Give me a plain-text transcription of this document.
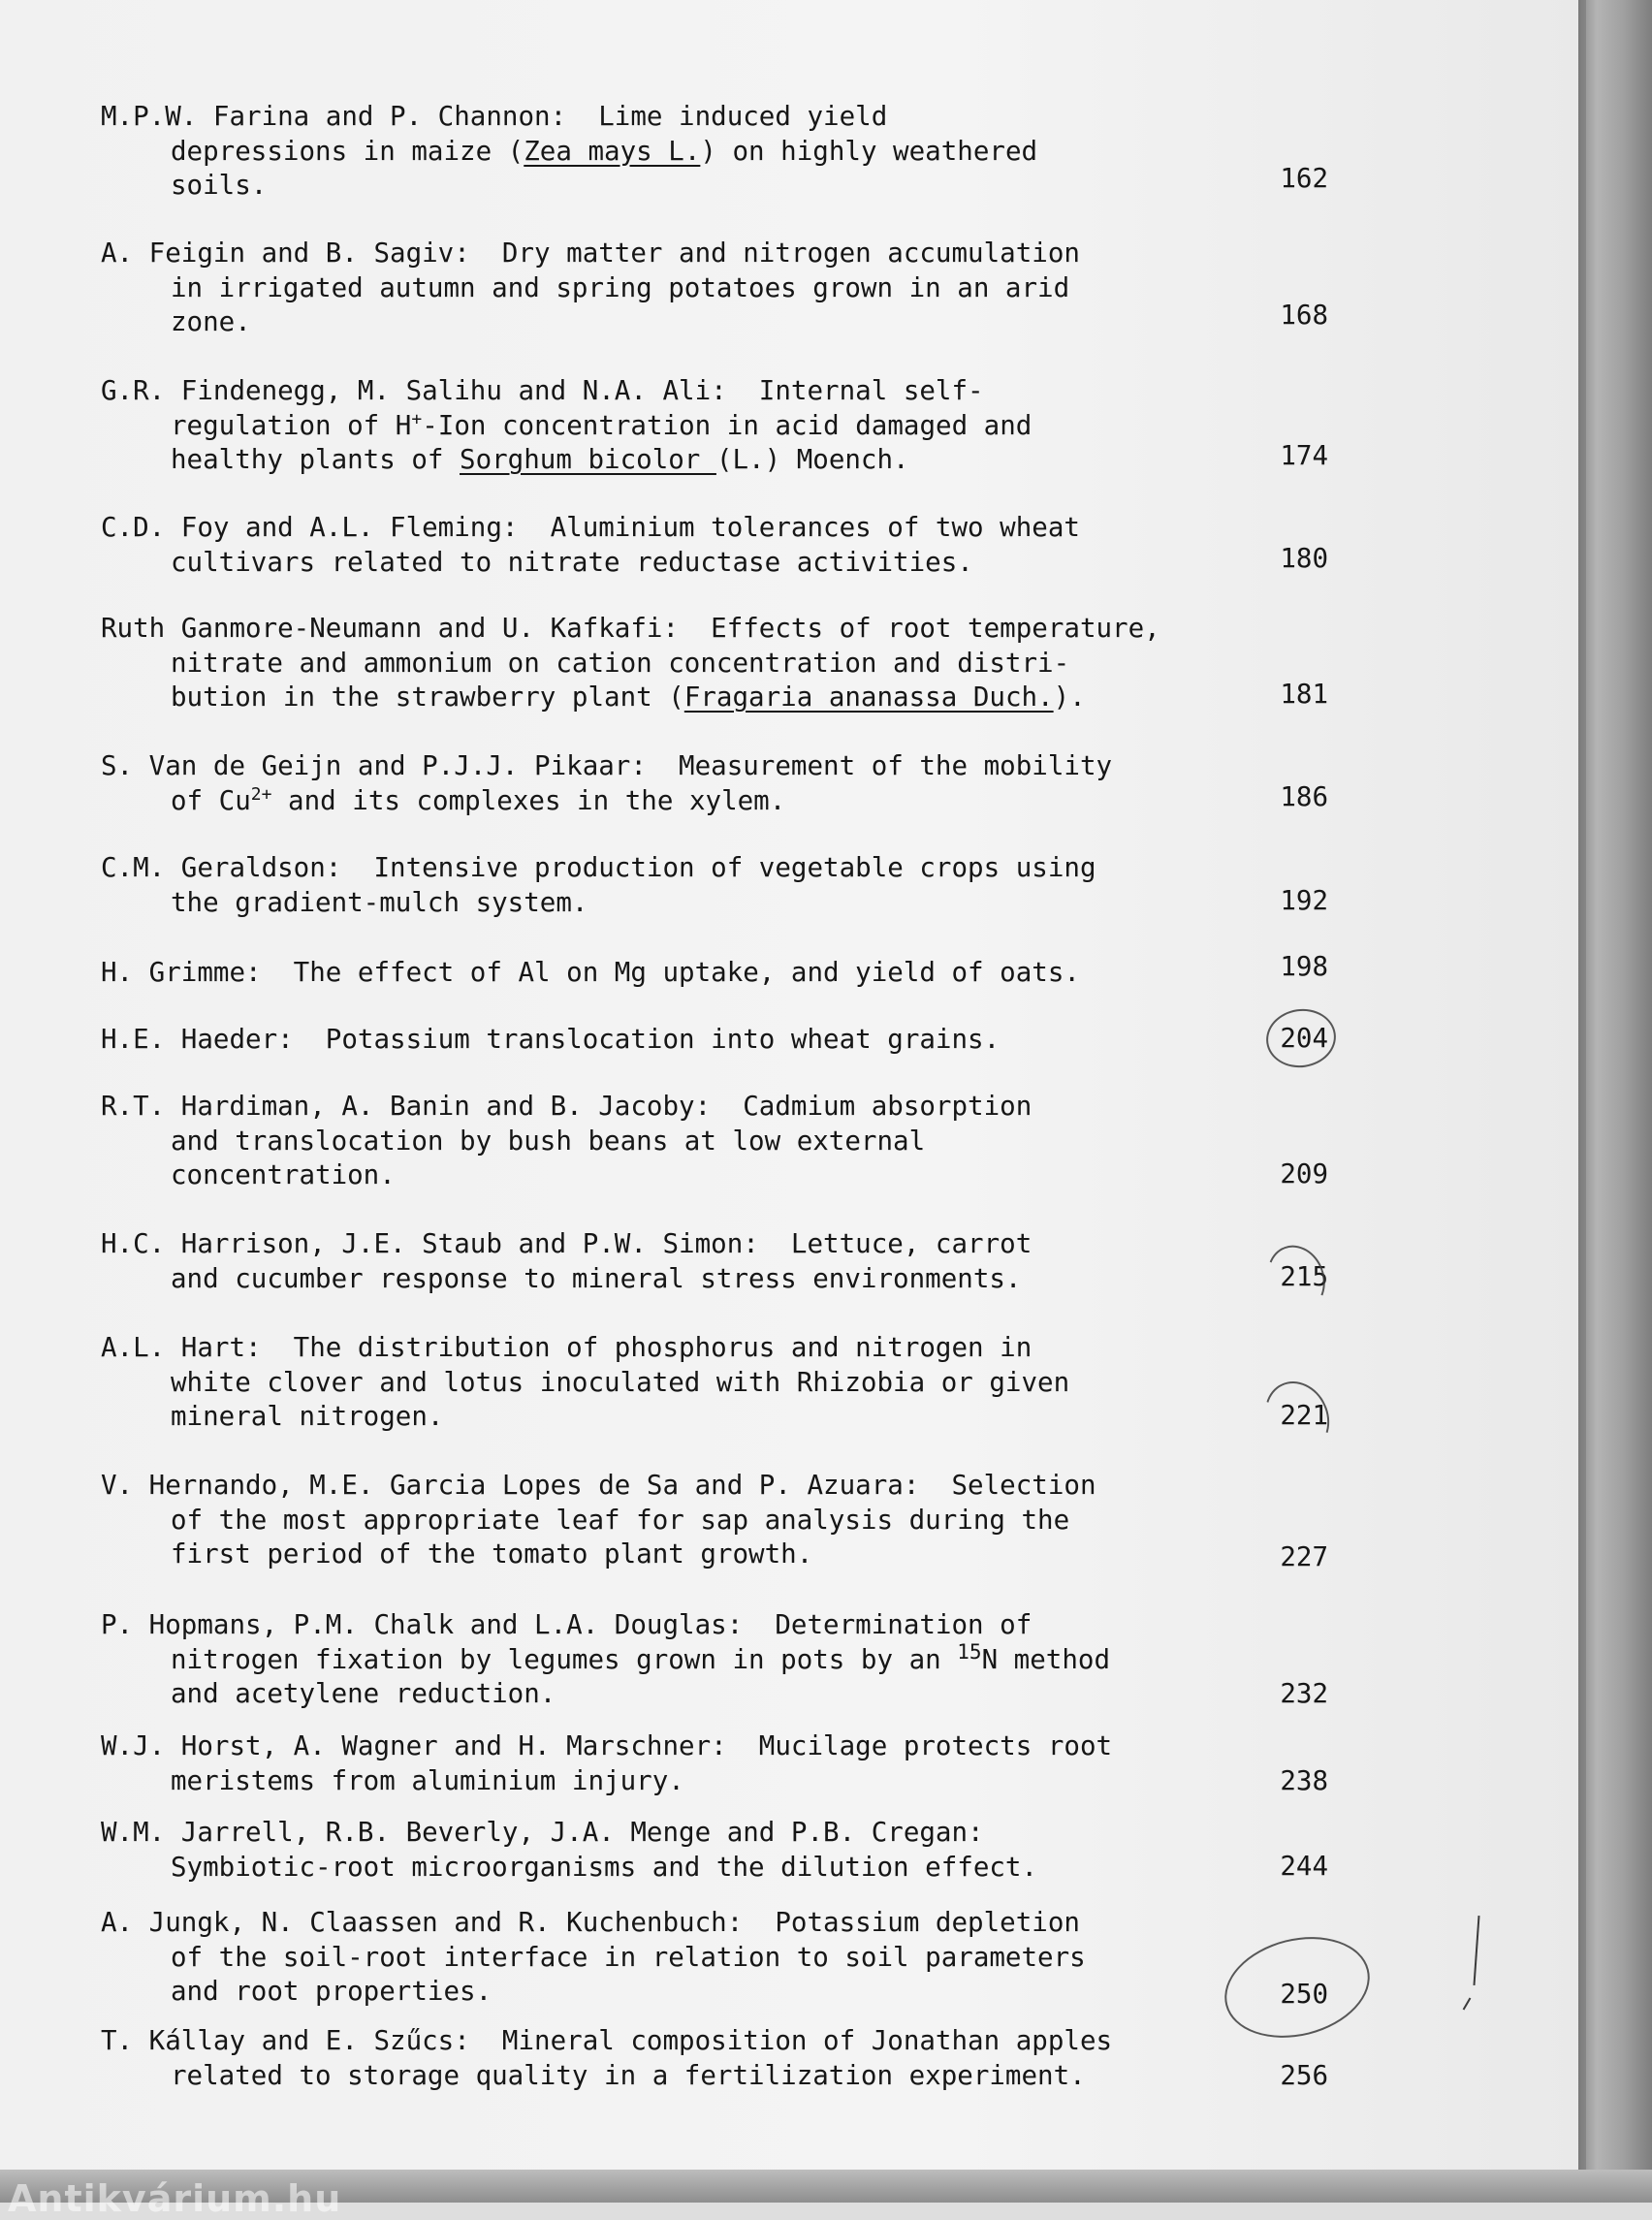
M.P.W. Farina and P. Channon:  Lime induced yield
depressions in maize (Zea mays L.) on highly weathered
soils.	162
A. Feigin and B. Sagiv:  Dry matter and nitrogen accumulation
in irrigated autumn and spring potatoes grown in an arid
zone.	168
G.R. Findenegg, M. Salihu and N.A. Ali:  Internal self-
regulation of H+-Ion concentration in acid damaged and
healthy plants of Sorghum bicolor (L.) Moench.	174
C.D. Foy and A.L. Fleming:  Aluminium tolerances of two wheat
cultivars related to nitrate reductase activities.	180
Ruth Ganmore-Neumann and U. Kafkafi:  Effects of root temperature,
nitrate and ammonium on cation concentration and distri-
bution in the strawberry plant (Fragaria ananassa Duch.).	181
S. Van de Geijn and P.J.J. Pikaar:  Measurement of the mobility
of $Cu^{2+}$ and its complexes in the xylem.	186
C.M. Geraldson:  Intensive production of vegetable crops using
the gradient-mulch system.	192
H. Grimme:  The effect of Al on Mg uptake, and yield of oats.	198
H.E. Haeder:  Potassium translocation into wheat grains.	204
R.T. Hardiman, A. Banin and B. Jacoby:  Cadmium absorption
and translocation by bush beans at low external
concentration.	209
H.C. Harrison, J.E. Staub and P.W. Simon:  Lettuce, carrot
and cucumber response to mineral stress environments.	215
A.L. Hart:  The distribution of phosphorus and nitrogen in
white clover and lotus inoculated with Rhizobia or given
mineral nitrogen.	221
V. Hernando, M.E. Garcia Lopes de Sa and P. Azuara:  Selection
of the most appropriate leaf for sap analysis during the
first period of the tomato plant growth.	227
P. Hopmans, P.M. Chalk and L.A. Douglas:  Determination of
nitrogen fixation by legumes grown in pots by an $^{15}$N method
and acetylene reduction.	232
W.J. Horst, A. Wagner and H. Marschner:  Mucilage protects root
meristems from aluminium injury.	238
W.M. Jarrell, R.B. Beverly, J.A. Menge and P.B. Cregan:
Symbiotic-root microorganisms and the dilution effect.	244
A. Jungk, N. Claassen and R. Kuchenbuch:  Potassium depletion
of the soil-root interface in relation to soil parameters
and root properties.	250
T. Kállay and E. Szűcs:  Mineral composition of Jonathan apples
related to storage quality in a fertilization experiment.	256
Antikvárium.hu
